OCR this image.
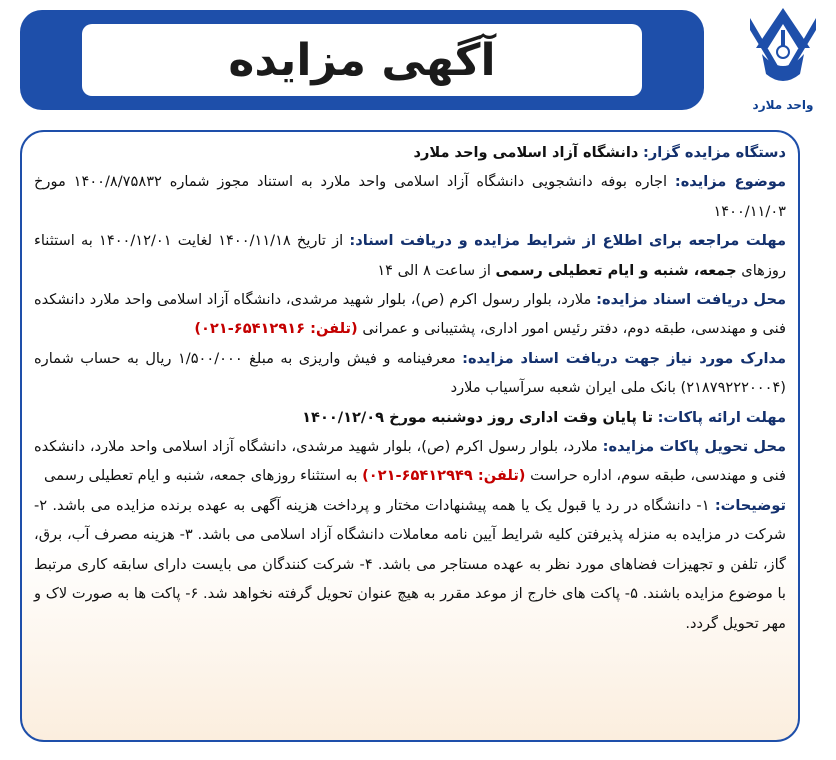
واحد ملارد
آگهی مزایده

دستگاه مزایده گزار: دانشگاه آزاد اسلامی واحد ملارد

موضوع مزایده: اجاره بوفه دانشجویی دانشگاه آزاد اسلامی واحد ملارد به استناد مجوز شماره ۱۴۰۰/۸/۷۵۸۳۲ مورخ ۱۴۰۰/۱۱/۰۳

مهلت مراجعه برای اطلاع از شرایط مزایده و دریافت اسناد: از تاریخ ۱۴۰۰/۱۱/۱۸ لغایت ۱۴۰۰/۱۲/۰۱ به استثناء روزهای جمعه، شنبه و ایام تعطیلی رسمی از ساعت ۸ الی ۱۴

محل دریافت اسناد مزایده: ملارد، بلوار رسول اکرم (ص)، بلوار شهید مرشدی، دانشگاه آزاد اسلامی واحد ملارد دانشکده فنی و مهندسی، طبقه دوم، دفتر رئیس امور اداری، پشتیبانی و عمرانی (تلفن: ۶۵۴۱۲۹۱۶-۰۲۱)

مدارک مورد نیاز جهت دریافت اسناد مزایده: معرفینامه و فیش واریزی به مبلغ ۱/۵۰۰/۰۰۰ ریال به حساب شماره (۲۱۸۷۹۲۲۲۰۰۰۴) بانک ملی ایران شعبه سرآسیاب ملارد

مهلت ارائه پاکات: تا پایان وقت اداری روز دوشنبه مورخ ۱۴۰۰/۱۲/۰۹

محل تحویل پاکات مزایده: ملارد، بلوار رسول اکرم (ص)، بلوار شهید مرشدی، دانشگاه آزاد اسلامی واحد ملارد، دانشکده فنی و مهندسی، طبقه سوم، اداره حراست (تلفن: ۶۵۴۱۲۹۴۹-۰۲۱) به استثناء روزهای جمعه، شنبه و ایام تعطیلی رسمی

توضیحات: ۱- دانشگاه در رد یا قبول یک یا همه پیشنهادات مختار و پرداخت هزینه آگهی به عهده برنده مزایده می باشد. ۲- شرکت در مزایده به منزله پذیرفتن کلیه شرایط آیین نامه معاملات دانشگاه آزاد اسلامی می باشد. ۳- هزینه مصرف آب، برق، گاز، تلفن و تجهیزات فضاهای مورد نظر به عهده مستاجر می باشد. ۴- شرکت کنندگان می بایست دارای سابقه کاری مرتبط با موضوع مزایده باشند. ۵- پاکت های خارج از موعد مقرر به هیچ عنوان تحویل گرفته نخواهد شد. ۶- پاکت ها به صورت لاک و مهر تحویل گردد.
